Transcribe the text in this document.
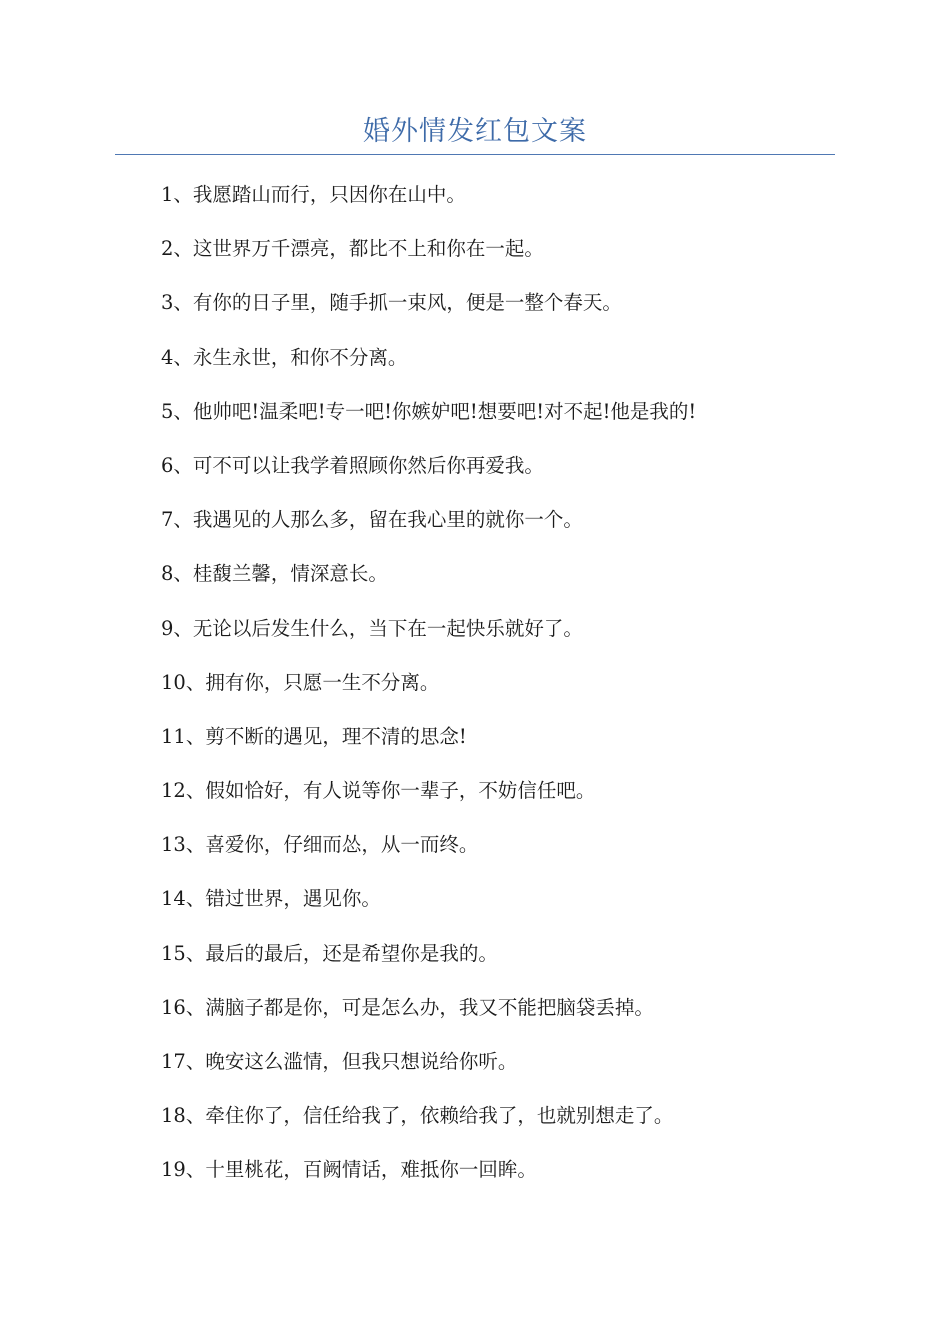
婚外情发红包文案
1、我愿踏山而行，只因你在山中。
2、这世界万千漂亮，都比不上和你在一起。
3、有你的日子里，随手抓一束风，便是一整个春天。
4、永生永世，和你不分离。
5、他帅吧!温柔吧!专一吧!你嫉妒吧!想要吧!对不起!他是我的!
6、可不可以让我学着照顾你然后你再爱我。
7、我遇见的人那么多，留在我心里的就你一个。
8、桂馥兰馨，情深意长。
9、无论以后发生什么，当下在一起快乐就好了。
10、拥有你，只愿一生不分离。
11、剪不断的遇见，理不清的思念!
12、假如恰好，有人说等你一辈子，不妨信任吧。
13、喜爱你，仔细而怂，从一而终。
14、错过世界，遇见你。
15、最后的最后，还是希望你是我的。
16、满脑子都是你，可是怎么办，我又不能把脑袋丢掉。
17、晚安这么滥情，但我只想说给你听。
18、牵住你了，信任给我了，依赖给我了，也就别想走了。
19、十里桃花，百阙情话，难抵你一回眸。
